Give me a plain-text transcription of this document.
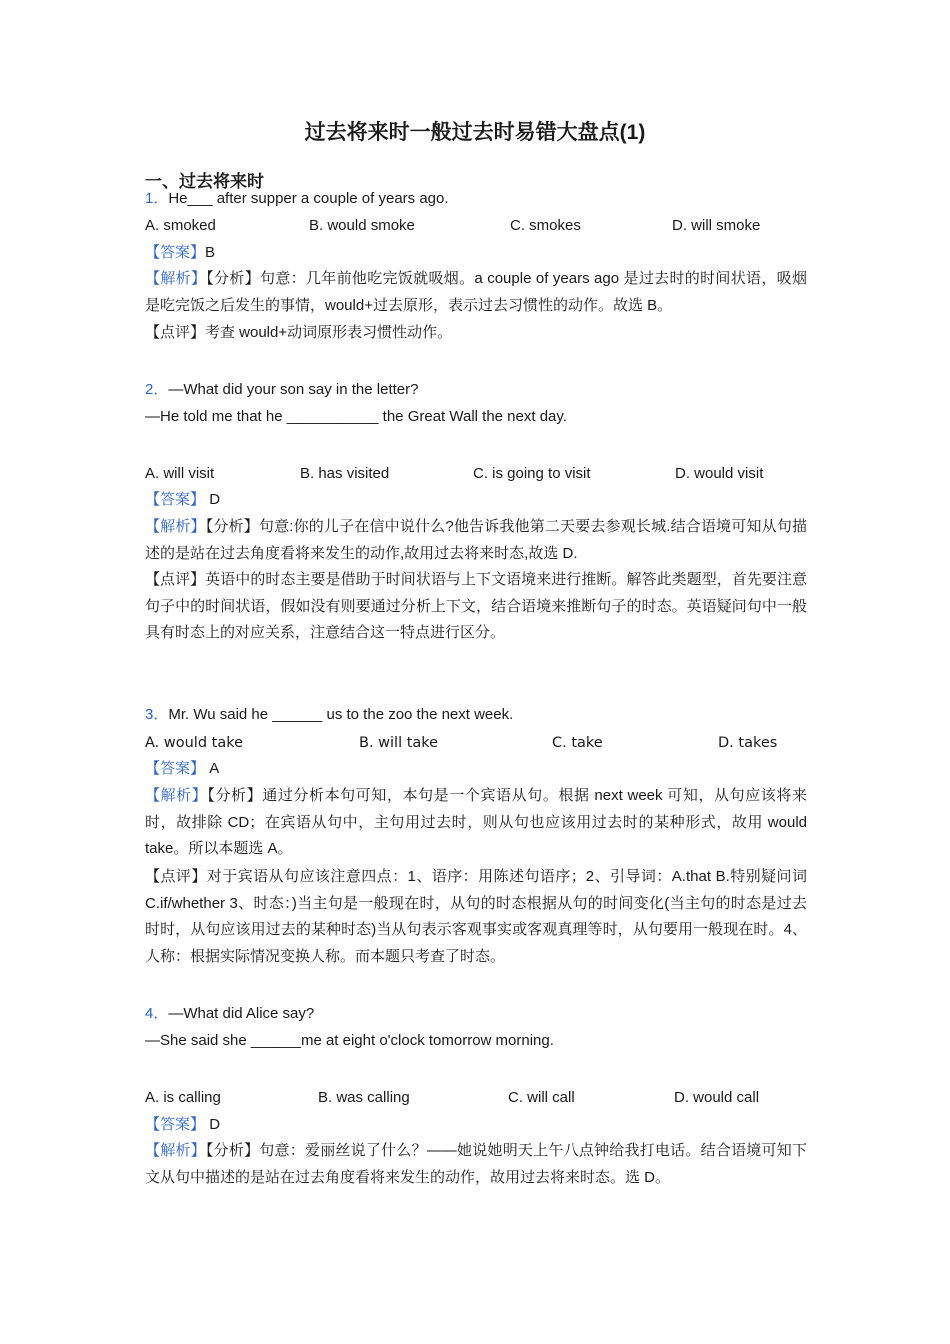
过去将来时一般过去时易错大盘点(1)
一、过去将来时
1．He___ after supper a couple of years ago.
A. smoked	B. would smoke	C. smokes	D. will smoke
【答案】B
【解析】【分析】句意：几年前他吃完饭就吸烟。a couple of years ago 是过去时的时间状语，吸烟是吃完饭之后发生的事情，would+过去原形，表示过去习惯性的动作。故选 B。
【点评】考查 would+动词原形表习惯性动作。
2．—What did your son say in the letter?
—He told me that he ___________ the Great Wall the next day.
A. will visit	B. has visited	C. is going to visit	D. would visit
【答案】 D
【解析】【分析】句意:你的儿子在信中说什么?他告诉我他第二天要去参观长城.结合语境可知从句描述的是站在过去角度看将来发生的动作,故用过去将来时态,故选 D.
【点评】英语中的时态主要是借助于时间状语与上下文语境来进行推断。解答此类题型，首先要注意句子中的时间状语，假如没有则要通过分析上下文，结合语境来推断句子的时态。英语疑问句中一般具有时态上的对应关系，注意结合这一特点进行区分。
3．Mr. Wu said he ______ us to the zoo the next week.
A. would take	B. will take	C. take	D. takes
【答案】 A
【解析】【分析】通过分析本句可知，本句是一个宾语从句。根据 next week 可知，从句应该将来时，故排除 CD；在宾语从句中，主句用过去时，则从句也应该用过去时的某种形式，故用 would take。所以本题选 A。
【点评】对于宾语从句应该注意四点：1、语序：用陈述句语序；2、引导词：A.that B.特别疑问词 C.if/whether 3、时态：)当主句是一般现在时，从句的时态根据从句的时间变化(当主句的时态是过去时时，从句应该用过去的某种时态)当从句表示客观事实或客观真理等时，从句要用一般现在时。4、人称：根据实际情况变换人称。而本题只考查了时态。
4．—What did Alice say?
—She said she ______me at eight o'clock tomorrow morning.
A. is calling	B. was calling	C. will call	D. would call
【答案】 D
【解析】【分析】句意：爱丽丝说了什么？——她说她明天上午八点钟给我打电话。结合语境可知下文从句中描述的是站在过去角度看将来发生的动作，故用过去将来时态。选 D。
